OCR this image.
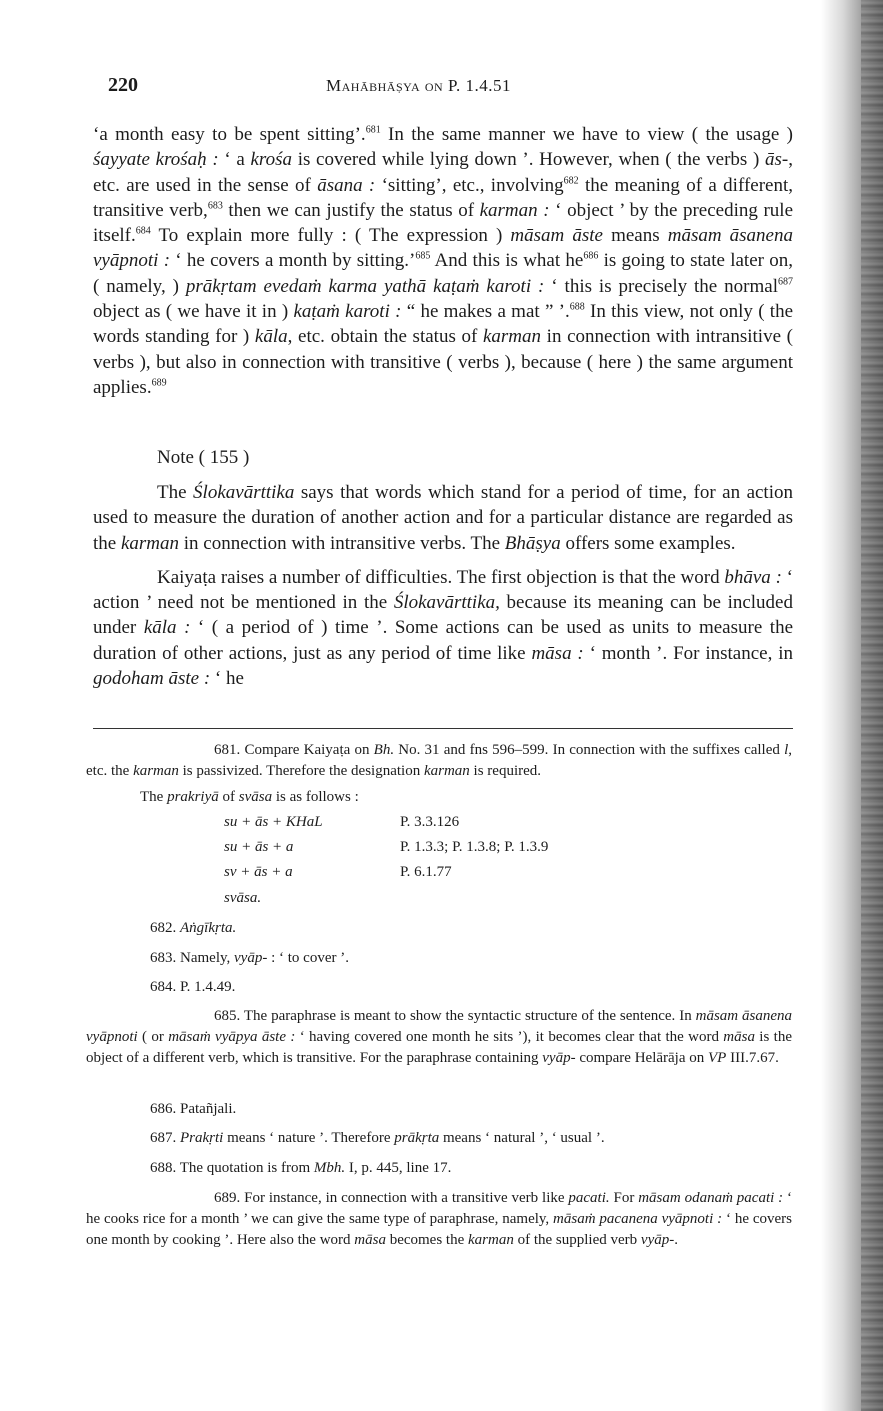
220	Mahābhāṣya on P. 1.4.51

‘a month easy to be spent sitting’.$^{681}$ In the same manner we have to view ( the usage ) śayyate krośaḥ : ‘ a krośa is covered while lying down ’. However, when ( the verbs ) ās-, etc. are used in the sense of āsana : ‘sitting’, etc., involving$^{682}$ the meaning of a different, transitive verb,$^{683}$ then we can justify the status of karman : ‘ object ’ by the preceding rule itself.$^{684}$ To explain more fully : ( The expression ) māsam āste means māsam āsanena vyāpnoti : ‘ he covers a month by sitting.’$^{685}$ And this is what $he^{686}$ is going to state later on, ( namely, ) prākṛtam evedaṁ karma yathā kaṭaṁ karoti : ‘ this is precisely the normal$^{687}$ object as ( we have it in ) kaṭaṁ karoti : “ he makes a mat ” ’.$^{688}$ In this view, not only ( the words standing for ) kāla, etc. obtain the status of karman in connection with intransitive ( verbs ), but also in connection with transitive ( verbs ), because ( here ) the same argument applies.$^{689}$

Note ( 155 )

The Ślokavārttika says that words which stand for a period of time, for an action used to measure the duration of another action and for a particular distance are regarded as the karman in connection with intransitive verbs. The Bhāṣya offers some examples.

Kaiyaṭa raises a number of difficulties. The first objection is that the word bhāva : ‘ action ’ need not be mentioned in the Ślokavārttika, because its meaning can be included under kāla : ‘ ( a period of ) time ’. Some actions can be used as units to measure the duration of other actions, just as any period of time like māsa : ‘ month ’. For instance, in godoham āste : ‘ he

681. Compare Kaiyaṭa on Bh. No. 31 and fns 596–599. In connection with the suffixes called l, etc. the karman is passivized. Therefore the designation karman is required.

The prakriyā of svāsa is as follows :

su + ās + KHaL	P. 3.3.126
su + ās + a	P. 1.3.3; P. 1.3.8; P. 1.3.9
sv + ās + a	P. 6.1.77
svāsa.

682. Aṅgīkṛta.

683. Namely, vyāp- : ‘ to cover ’.

684. P. 1.4.49.

685. The paraphrase is meant to show the syntactic structure of the sentence. In māsam āsanena vyāpnoti ( or māsaṁ vyāpya āste : ‘ having covered one month he sits ’), it becomes clear that the word māsa is the object of a different verb, which is transitive. For the paraphrase containing vyāp- compare Helārāja on VP III.7.67.

686. Patañjali.

687. Prakṛti means ‘ nature ’. Therefore prākṛta means ‘ natural ’, ‘ usual ’.

688. The quotation is from Mbh. I, p. 445, line 17.

689. For instance, in connection with a transitive verb like pacati. For māsam odanaṁ pacati : ‘ he cooks rice for a month ’ we can give the same type of paraphrase, namely, māsaṁ pacanena vyāpnoti : ‘ he covers one month by cooking ’. Here also the word māsa becomes the karman of the supplied verb vyāp-.
